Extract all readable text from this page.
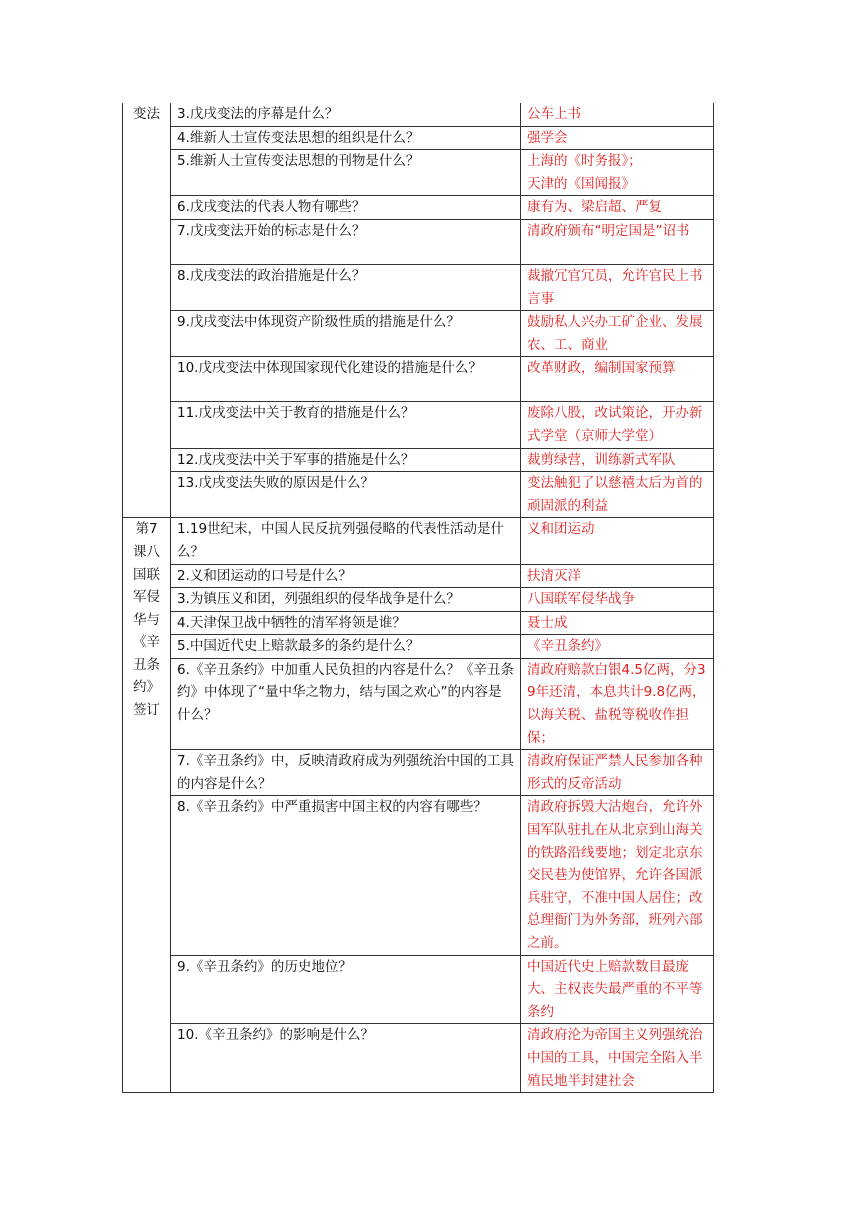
变法	3.戊戌变法的序幕是什么？	公车上书
	4.维新人士宣传变法思想的组织是什么？	强学会
	5.维新人士宣传变法思想的刊物是什么？	上海的《时务报》；
天津的《国闻报》
	6.戊戌变法的代表人物有哪些？	康有为、梁启超、严复
	7.戊戌变法开始的标志是什么？	清政府颁布“明定国是”诏书
	8.戊戌变法的政治措施是什么？	裁撤冗官冗员，允许官民上书言事
	9.戊戌变法中体现资产阶级性质的措施是什么？	鼓励私人兴办工矿企业、发展农、工、商业
	10.戊戌变法中体现国家现代化建设的措施是什么？	改革财政，编制国家预算
	11.戊戌变法中关于教育的措施是什么？	废除八股，改试策论，开办新式学堂（京师大学堂）
	12.戊戌变法中关于军事的措施是什么？	裁剪绿营，训练新式军队
	13.戊戌变法失败的原因是什么？	变法触犯了以慈禧太后为首的顽固派的利益
第7课八国联军侵华与《辛丑条约》签订	1.19世纪末，中国人民反抗列强侵略的代表性活动是什么？	义和团运动
	2.义和团运动的口号是什么？	扶清灭洋
	3.为镇压义和团，列强组织的侵华战争是什么？	八国联军侵华战争
	4.天津保卫战中牺牲的清军将领是谁？	聂士成
	5.中国近代史上赔款最多的条约是什么？	《辛丑条约》
	6.《辛丑条约》中加重人民负担的内容是什么？《辛丑条约》中体现了“量中华之物力，结与国之欢心”的内容是什么？	清政府赔款白银4.5亿两，分39年还清，本息共计9.8亿两，以海关税、盐税等税收作担保；
	7.《辛丑条约》中，反映清政府成为列强统治中国的工具的内容是什么？	清政府保证严禁人民参加各种形式的反帝活动
	8.《辛丑条约》中严重损害中国主权的内容有哪些？	清政府拆毁大沽炮台，允许外国军队驻扎在从北京到山海关的铁路沿线要地；划定北京东交民巷为使馆界，允许各国派兵驻守，不准中国人居住；改总理衙门为外务部，班列六部之前。
	9.《辛丑条约》的历史地位？	中国近代史上赔款数目最庞大、主权丧失最严重的不平等条约
	10.《辛丑条约》的影响是什么？	清政府沦为帝国主义列强统治中国的工具，中国完全陷入半殖民地半封建社会
